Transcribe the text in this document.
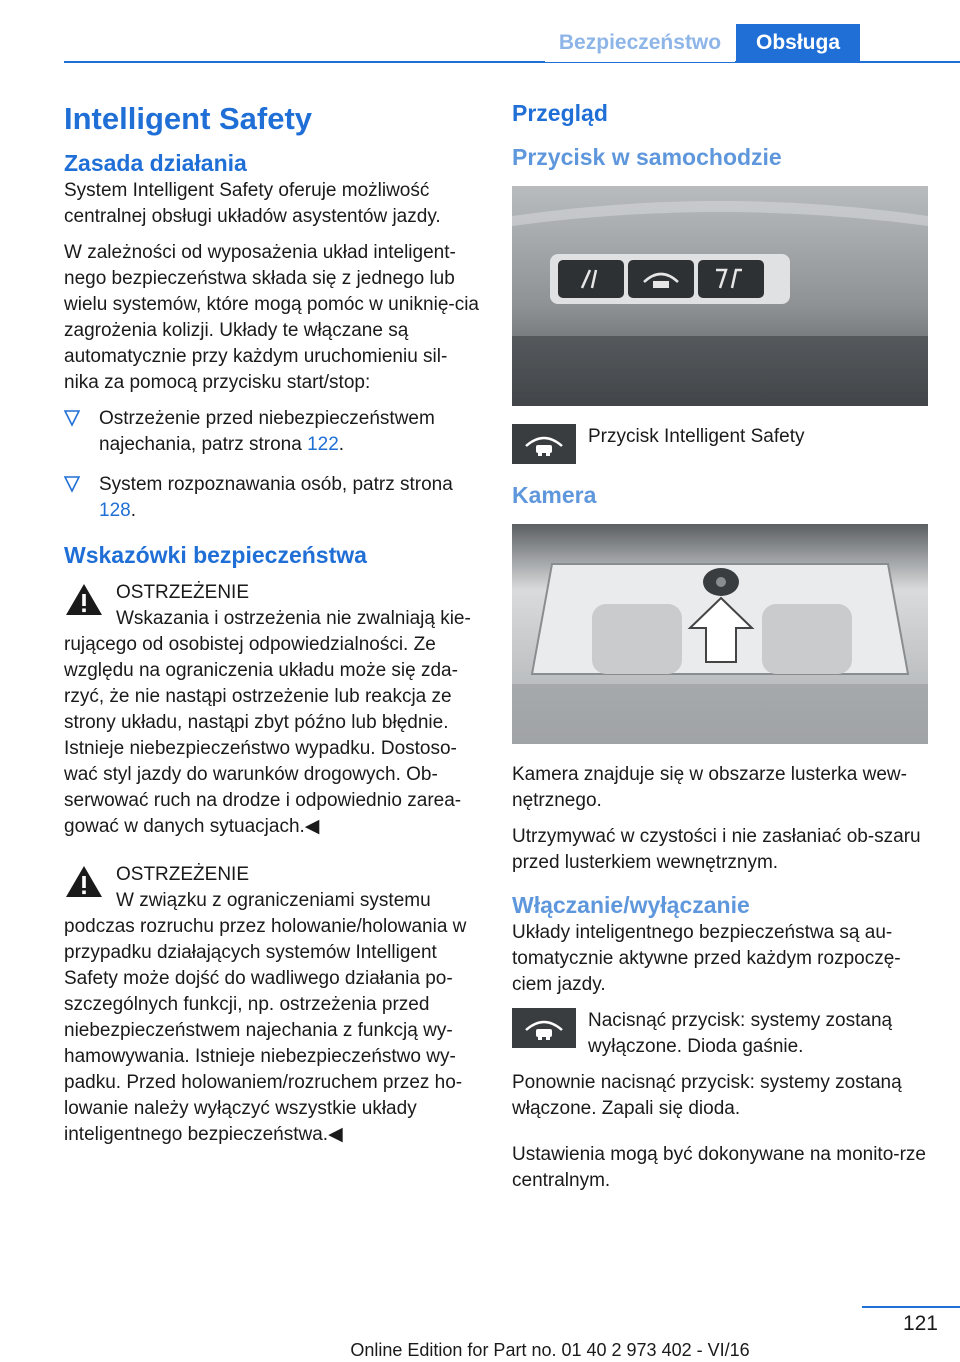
Bezpieczeństwo	Obsługa
Intelligent Safety
Zasada działania

System Intelligent Safety oferuje możliwość centralnej obsługi układów asystentów jazdy.

W zależności od wyposażenia układ inteligent‐nego bezpieczeństwa składa się z jednego lub wielu systemów, które mogą pomóc w uniknię‐cia zagrożenia kolizji. Układy te włączane są automatycznie przy każdym uruchomieniu sil‐nika za pomocą przycisku start/stop:

Ostrzeżenie przed niebezpieczeństwem najechania, patrz strona 122.
System rozpoznawania osób, patrz strona 128.
Wskazówki bezpieczeństwa

OSTRZEŻENIE

Wskazania i ostrzeżenia nie zwalniają kie‐

rującego od osobistej odpowiedzialności. Ze względu na ograniczenia układu może się zda‐rzyć, że nie nastąpi ostrzeżenie lub reakcja ze strony układu, nastąpi zbyt późno lub błędnie. Istnieje niebezpieczeństwo wypadku. Dostoso‐wać styl jazdy do warunków drogowych. Ob‐serwować ruch na drodze i odpowiednio zarea‐gować w danych sytuacjach.◀

OSTRZEŻENIE

W związku z ograniczeniami systemu

podczas rozruchu przez holowanie/holowania w przypadku działających systemów Intelligent Safety może dojść do wadliwego działania po‐szczególnych funkcji, np. ostrzeżenia przed niebezpieczeństwem najechania z funkcją wy‐hamowywania. Istnieje niebezpieczeństwo wy‐padku. Przed holowaniem/rozruchem przez ho‐lowanie należy wyłączyć wszystkie układy inteligentnego bezpieczeństwa.◀

Przegląd
Przycisk w samochodzie

Przycisk Intelligent Safety

Kamera

Kamera znajduje się w obszarze lusterka wew‐nętrznego.

Utrzymywać w czystości i nie zasłaniać ob‐szaru przed lusterkiem wewnętrznym.

Włączanie/wyłączanie

Układy inteligentnego bezpieczeństwa są au‐tomatycznie aktywne przed każdym rozpoczę‐ciem jazdy.

Nacisnąć przycisk: systemy zostaną wyłączone. Dioda gaśnie.

Ponownie nacisnąć przycisk: systemy zostaną włączone. Zapali się dioda.

Ustawienia mogą być dokonywane na monito‐rze centralnym.

121
Online Edition for Part no. 01 40 2 973 402 - VI/16
